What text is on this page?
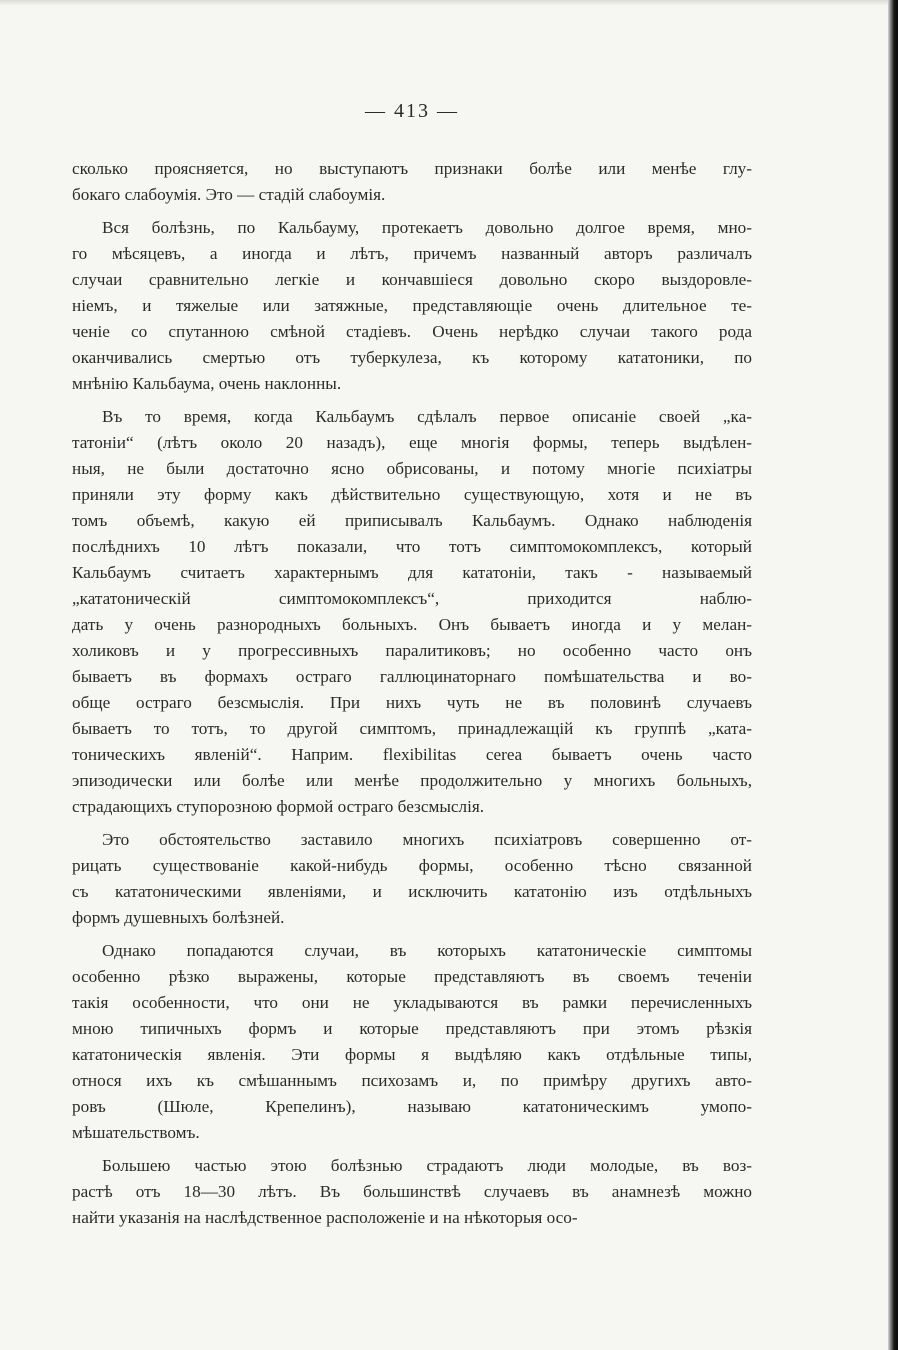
— 413 —
сколько проясняется, но выступаютъ признаки болѣе или менѣе глу-
бокаго слабоумія. Это — стадій слабоумія.
Вся болѣзнь, по Кальбауму, протекаетъ довольно долгое время, мно-
го мѣсяцевъ, а иногда и лѣтъ, причемъ названный авторъ различалъ
случаи сравнительно легкіе и кончавшіеся довольно скоро выздоровле-
ніемъ, и тяжелые или затяжные, представляющіе очень длительное те-
ченіе со спутанною смѣной стадіевъ. Очень нерѣдко случаи такого рода
оканчивались смертью отъ туберкулеза, къ которому кататоники, по
мнѣнію Кальбаума, очень наклонны.
Въ то время, когда Кальбаумъ сдѣлалъ первое описаніе своей „ка-
татоніи“ (лѣтъ около 20 назадъ), еще многія формы, теперь выдѣлен-
ныя, не были достаточно ясно обрисованы, и потому многіе психіатры
приняли эту форму какъ дѣйствительно существующую, хотя и не въ
томъ объемѣ, какую ей приписывалъ Кальбаумъ. Однако наблюденія
послѣднихъ 10 лѣтъ показали, что тотъ симптомокомплексъ, который
Кальбаумъ считаетъ характернымъ для кататоніи, такъ - называемый
„кататоническій симптомокомплексъ“, приходится наблю-
дать у очень разнородныхъ больныхъ. Онъ бываетъ иногда и у мелан-
холиковъ и у прогрессивныхъ паралитиковъ; но особенно часто онъ
бываетъ въ формахъ остраго галлюцинаторнаго помѣшательства и во-
обще остраго безсмыслія. При нихъ чуть не въ половинѣ случаевъ
бываетъ то тотъ, то другой симптомъ, принадлежащій къ группѣ „ката-
тоническихъ явленій“. Наприм. flexibilitas cerea бываетъ очень часто
эпизодически или болѣе или менѣе продолжительно у многихъ больныхъ,
страдающихъ ступорозною формой остраго безсмыслія.
Это обстоятельство заставило многихъ психіатровъ совершенно от-
рицать существованіе какой-нибудь формы, особенно тѣсно связанной
съ кататоническими явленіями, и исключить кататонію изъ отдѣльныхъ
формъ душевныхъ болѣзней.
Однако попадаются случаи, въ которыхъ кататоническіе симптомы
особенно рѣзко выражены, которые представляютъ въ своемъ теченіи
такія особенности, что они не укладываются въ рамки перечисленныхъ
мною типичныхъ формъ и которые представляютъ при этомъ рѣзкія
кататоническія явленія. Эти формы я выдѣляю какъ отдѣльные типы,
относя ихъ къ смѣшаннымъ психозамъ и, по примѣру другихъ авто-
ровъ (Шюле, Крепелинъ), называю кататоническимъ умопо-
мѣшательствомъ.
Большею частью этою болѣзнью страдаютъ люди молодые, въ воз-
растѣ отъ 18—30 лѣтъ. Въ большинствѣ случаевъ въ анамнезѣ можно
найти указанія на наслѣдственное расположеніе и на нѣкоторыя осо-
